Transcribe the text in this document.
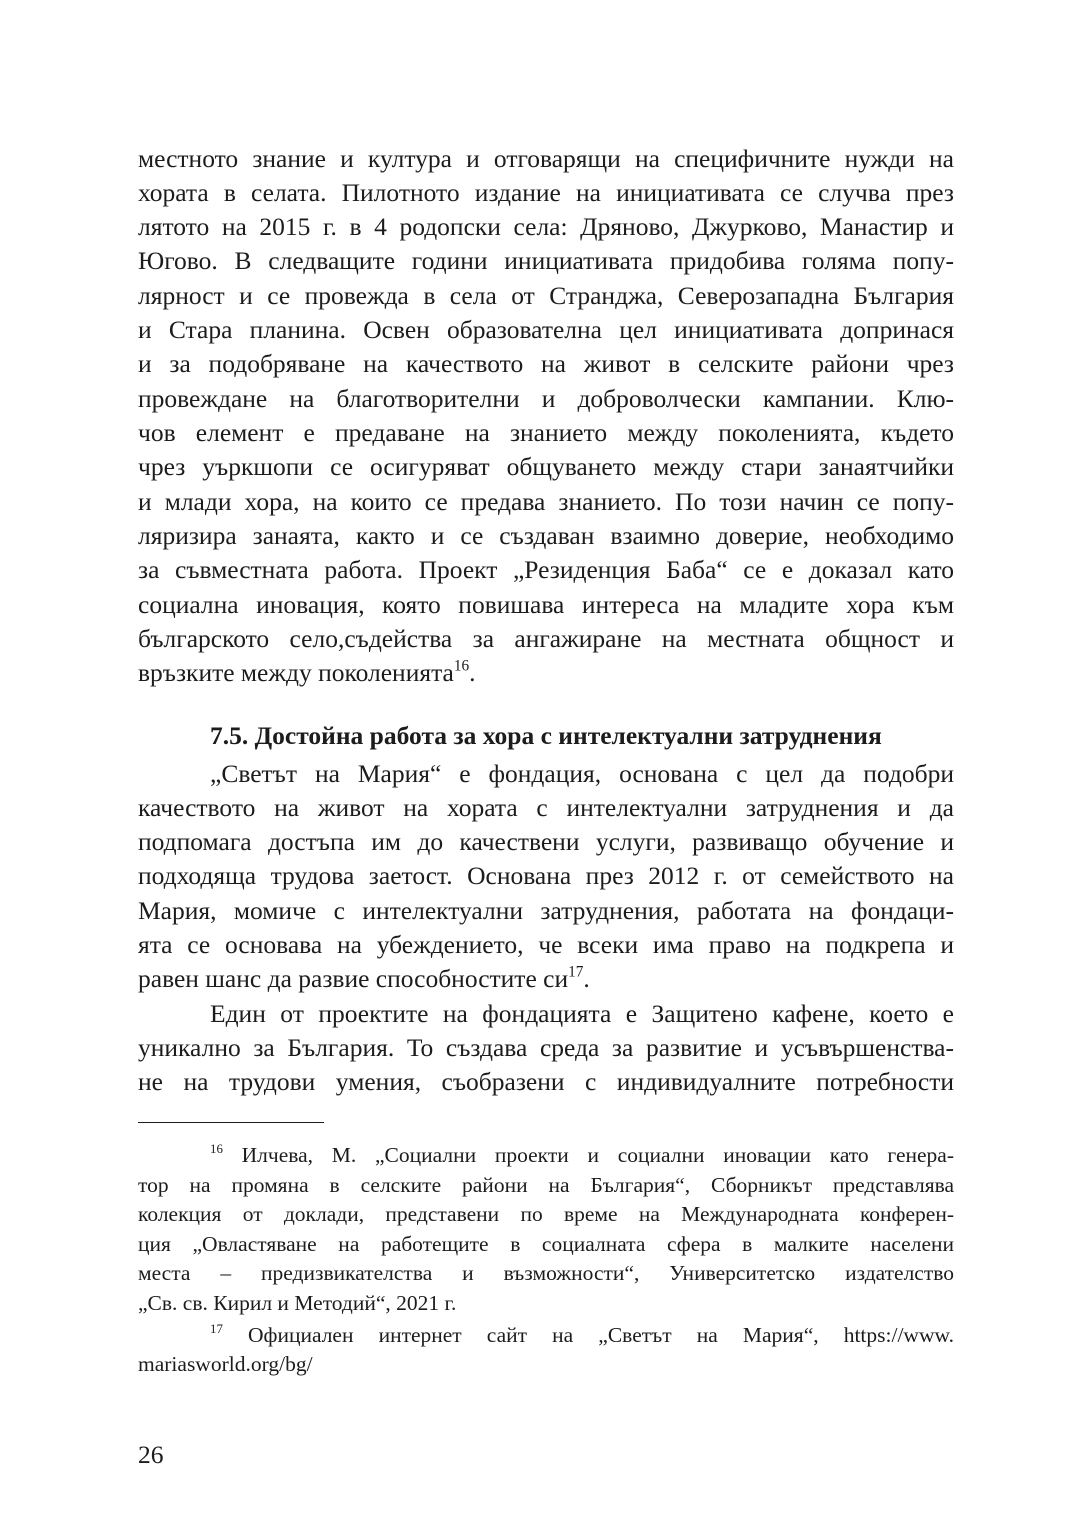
местното знание и култура и отговарящи на специфичните нужди на
хората в селата. Пилотното издание на инициативата се случва през
лятото на 2015 г. в 4 родопски села: Дряново, Джурково, Манастир и
Югово. В следващите години инициативата придобива голяма попу-
лярност и се провежда в села от Странджа, Северозападна България
и Стара планина. Освен образователна цел инициативата допринася
и за подобряване на качеството на живот в селските райони чрез
провеждане на благотворителни и доброволчески кампании. Клю-
чов елемент е предаване на знанието между поколенията, където
чрез уъркшопи се осигуряват общуването между стари занаятчийки
и млади хора, на които се предава знанието. По този начин се попу-
ляризира занаята, както и се създаван взаимно доверие, необходимо
за съвместната работа. Проект „Резиденция Баба“ се е доказал като
социална иновация, която повишава интереса на младите хора към
българското село,съдейства за ангажиране на местната общност и
връзките между поколенията$^{16}$.
7.5. Достойна работа за хора с интелектуални затруднения
„Светът на Мария“ е фондация, основана с цел да подобри
качеството на живот на хората с интелектуални затруднения и да
подпомага достъпа им до качествени услуги, развиващо обучение и
подходяща трудова заетост. Основана през 2012 г. от семейството на
Мария, момиче с интелектуални затруднения, работата на фондаци-
ята се основава на убеждението, че всеки има право на подкрепа и
равен шанс да развие способностите $си^{17}$.
Един от проектите на фондацията е Защитено кафене, което е
уникално за България. То създава среда за развитие и усъвършенства-
не на трудови умения, съобразени с индивидуалните потребности
$^{16}$ Илчева, М. „Социални проекти и социални иновации като генера-
тор на промяна в селските райони на България“, Сборникът представлява
колекция от доклади, представени по време на Международната конферен-
ция „Овластяване на работещите в социалната сфера в малките населени
места – предизвикателства и възможности“, Университетско издателство
„Св. св. Кирил и Методий“, 2021 г.
$^{17}$ Официален интернет сайт на „Светът на Мария“, https://www.
mariasworld.org/bg/
26
